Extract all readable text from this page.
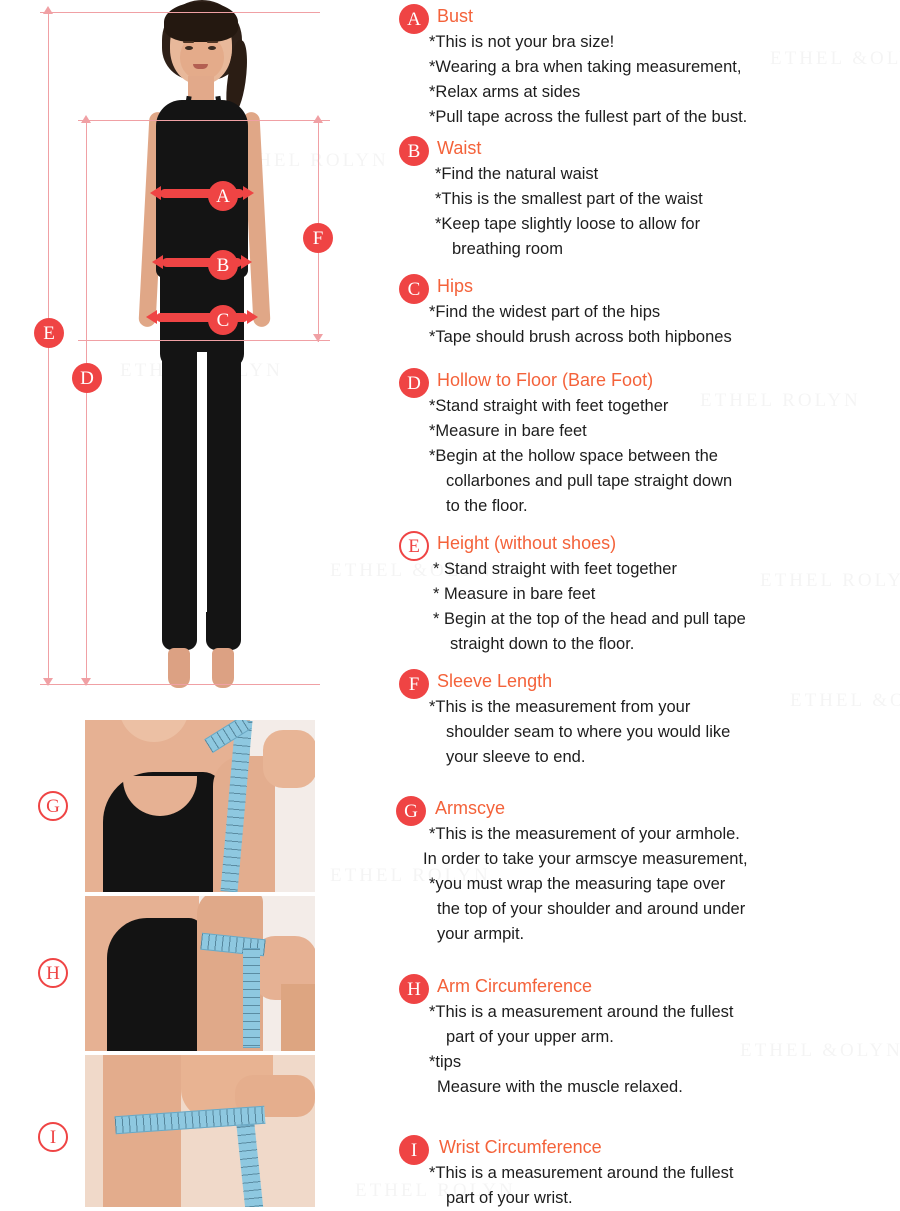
A
B
C
F
E
D
G
H
I
A Bust
*This is not your bra size!
*Wearing a bra when taking measurement,
*Relax arms at sides
*Pull tape across the fullest part of the bust.
B Waist
*Find the natural waist
*This is the smallest part of the waist
*Keep tape slightly loose to allow for
breathing room
C Hips
*Find the widest part of the hips
*Tape should brush across both hipbones
D Hollow to Floor (Bare Foot)
*Stand straight with feet together
*Measure in bare feet
*Begin at the hollow space between the
collarbones and pull tape straight down
to the floor.
E Height (without shoes)
* Stand straight with feet together
* Measure in bare feet
* Begin at the top of the head and pull tape
straight down to the floor.
F Sleeve Length
*This is the measurement from your
shoulder seam to where you would like
your sleeve to end.
G Armscye
*This is the measurement of your armhole.
In order to take your armscye measurement,
*you must wrap the measuring tape over
the top of your shoulder and around under
your armpit.
H Arm Circumference
*This is a measurement around the fullest
part of your upper arm.
*tips
Measure with the muscle relaxed.
I	Wrist Circumference
*This is a measurement around the fullest
part of your wrist.
